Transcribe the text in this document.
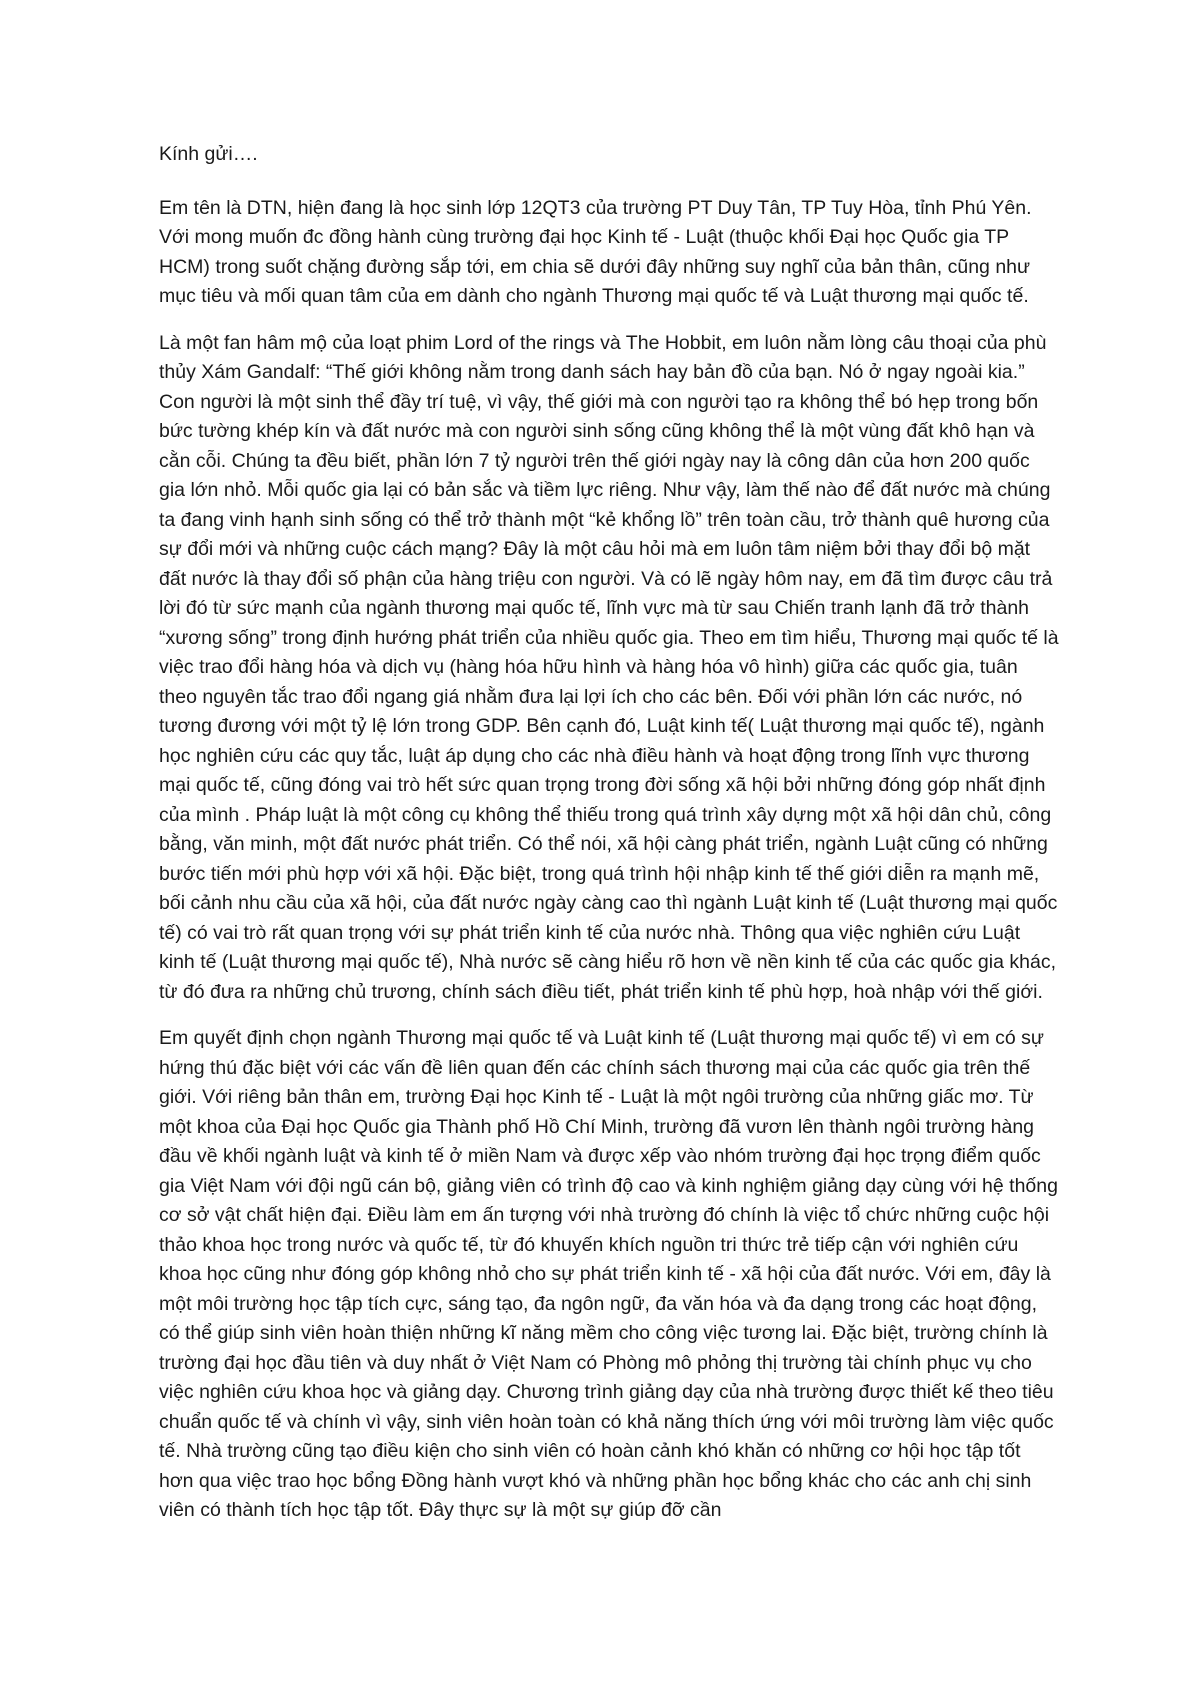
Kính gửi….

Em tên là DTN, hiện đang là học sinh lớp 12QT3 của trường PT Duy Tân, TP Tuy Hòa, tỉnh Phú Yên. Với mong muốn đc đồng hành cùng trường đại học Kinh tế - Luật (thuộc khối Đại học Quốc gia TP HCM) trong suốt chặng đường sắp tới, em chia sẽ dưới đây những suy nghĩ của bản thân, cũng như mục tiêu và mối quan tâm của em dành cho ngành Thương mại quốc tế và Luật thương mại quốc tế.

Là một fan hâm mộ của loạt phim Lord of the rings và The Hobbit, em luôn nằm lòng câu thoại của phù thủy Xám Gandalf: “Thế giới không nằm trong danh sách hay bản đồ của bạn. Nó ở ngay ngoài kia.” Con người là một sinh thể đầy trí tuệ, vì vậy, thế giới mà con người tạo ra không thể bó hẹp trong bốn bức tường khép kín và đất nước mà con người sinh sống cũng không thể là một vùng đất khô hạn và cằn cỗi. Chúng ta đều biết, phần lớn 7 tỷ người trên thế giới ngày nay là công dân của hơn 200 quốc gia lớn nhỏ. Mỗi quốc gia lại có bản sắc và tiềm lực riêng. Như vậy, làm thế nào để đất nước mà chúng ta đang vinh hạnh sinh sống có thể trở thành một “kẻ khổng lồ” trên toàn cầu, trở thành quê hương của sự đổi mới và những cuộc cách mạng? Đây là một câu hỏi mà em luôn tâm niệm bởi thay đổi bộ mặt đất nước là thay đổi số phận của hàng triệu con người. Và có lẽ ngày hôm nay, em đã tìm được câu trả lời đó từ sức mạnh của ngành thương mại quốc tế, lĩnh vực mà từ sau Chiến tranh lạnh đã trở thành “xương sống” trong định hướng phát triển của nhiều quốc gia. Theo em tìm hiểu, Thương mại quốc tế là việc trao đổi hàng hóa và dịch vụ (hàng hóa hữu hình và hàng hóa vô hình) giữa các quốc gia, tuân theo nguyên tắc trao đổi ngang giá nhằm đưa lại lợi ích cho các bên. Đối với phần lớn các nước, nó tương đương với một tỷ lệ lớn trong GDP. Bên cạnh đó, Luật kinh tế( Luật thương mại quốc tế), ngành học nghiên cứu các quy tắc, luật áp dụng cho các nhà điều hành và hoạt động trong lĩnh vực thương mại quốc tế, cũng đóng vai trò hết sức quan trọng trong đời sống xã hội bởi những đóng góp nhất định của mình . Pháp luật là một công cụ không thể thiếu trong quá trình xây dựng một xã hội dân chủ, công bằng, văn minh, một đất nước phát triển. Có thể nói, xã hội càng phát triển, ngành Luật cũng có những bước tiến mới phù hợp với xã hội. Đặc biệt, trong quá trình hội nhập kinh tế thế giới diễn ra mạnh mẽ, bối cảnh nhu cầu của xã hội, của đất nước ngày càng cao thì ngành Luật kinh tế (Luật thương mại quốc tế) có vai trò rất quan trọng với sự phát triển kinh tế của nước nhà. Thông qua việc nghiên cứu Luật kinh tế (Luật thương mại quốc tế), Nhà nước sẽ càng hiểu rõ hơn về nền kinh tế của các quốc gia khác, từ đó đưa ra những chủ trương, chính sách điều tiết, phát triển kinh tế phù hợp, hoà nhập với thế giới.

Em quyết định chọn ngành Thương mại quốc tế và Luật kinh tế (Luật thương mại quốc tế) vì em có sự hứng thú đặc biệt với các vấn đề liên quan đến các chính sách thương mại của các quốc gia trên thế giới. Với riêng bản thân em, trường Đại học Kinh tế - Luật là một ngôi trường của những giấc mơ. Từ một khoa của Đại học Quốc gia Thành phố Hồ Chí Minh, trường đã vươn lên thành ngôi trường hàng đầu về khối ngành luật và kinh tế ở miền Nam và được xếp vào nhóm trường đại học trọng điểm quốc gia Việt Nam với đội ngũ cán bộ, giảng viên có trình độ cao và kinh nghiệm giảng dạy cùng với hệ thống cơ sở vật chất hiện đại. Điều làm em ấn tượng với nhà trường đó chính là việc tổ chức những cuộc hội thảo khoa học trong nước và quốc tế, từ đó khuyến khích nguồn tri thức trẻ tiếp cận với nghiên cứu khoa học cũng như đóng góp không nhỏ cho sự phát triển kinh tế - xã hội của đất nước. Với em, đây là một môi trường học tập tích cực, sáng tạo, đa ngôn ngữ, đa văn hóa và đa dạng trong các hoạt động, có thể giúp sinh viên hoàn thiện những kĩ năng mềm cho công việc tương lai. Đặc biệt, trường chính là trường đại học đầu tiên và duy nhất ở Việt Nam có Phòng mô phỏng thị trường tài chính phục vụ cho việc nghiên cứu khoa học và giảng dạy. Chương trình giảng dạy của nhà trường được thiết kế theo tiêu chuẩn quốc tế và chính vì vậy, sinh viên hoàn toàn có khả năng thích ứng với môi trường làm việc quốc tế. Nhà trường cũng tạo điều kiện cho sinh viên có hoàn cảnh khó khăn có những cơ hội học tập tốt hơn qua việc trao học bổng Đồng hành vượt khó và những phần học bổng khác cho các anh chị sinh viên có thành tích học tập tốt. Đây thực sự là một sự giúp đỡ cần
